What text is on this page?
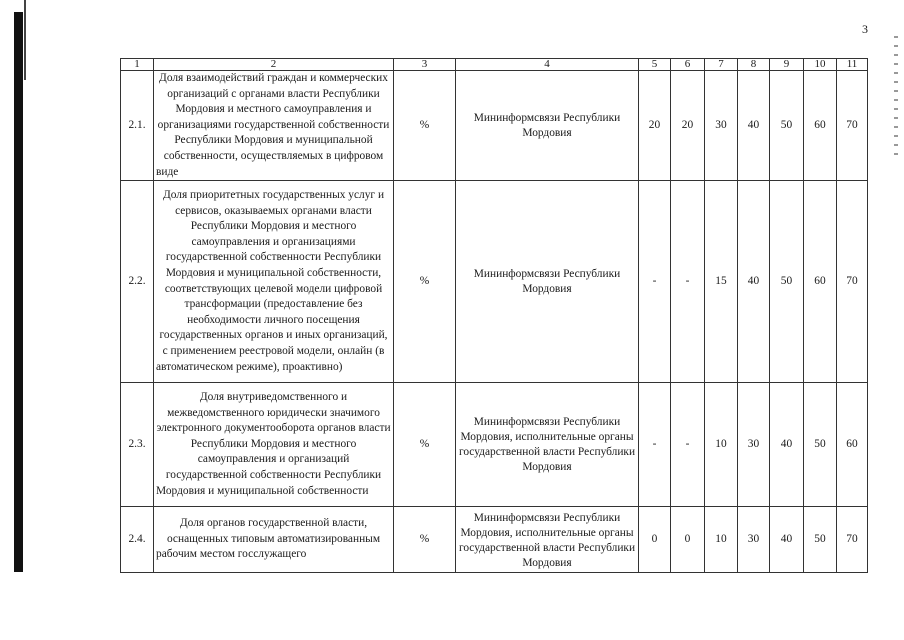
3
1	2	3	4	5	6	7	8	9	10	11
2.1.	Доля взаимодействий граждан и коммерческих организаций с органами власти Республики Мордовия и местного самоуправления и организациями государственной собственности Республики Мордовия и муниципальной собственности, осуществляемых в цифровом виде	%	Мининформсвязи Республики Мордовия	20	20	30	40	50	60	70
2.2.	Доля приоритетных государственных услуг и сервисов, оказываемых органами власти Республики Мордовия и местного самоуправления и организациями государственной собственности Республики Мордовия и муниципальной собственности, соответствующих целевой модели цифровой трансформации (предоставление без необходимости личного посещения государственных органов и иных организаций, с применением реестровой модели, онлайн (в автоматическом режиме), проактивно)	%	Мининформсвязи Республики Мордовия	-	-	15	40	50	60	70
2.3.	Доля внутриведомственного и межведомственного юридически значимого электронного документооборота органов власти Республики Мордовия и местного самоуправления и организаций государственной собственности Республики Мордовия и муниципальной собственности	%	Мининформсвязи Республики Мордовия, исполнительные органы государственной власти Республики Мордовия	-	-	10	30	40	50	60
2.4.	Доля органов государственной власти, оснащенных типовым автоматизированным рабочим местом госслужащего	%	Мининформсвязи Республики Мордовия, исполнительные органы государственной власти Республики Мордовия	0	0	10	30	40	50	70
